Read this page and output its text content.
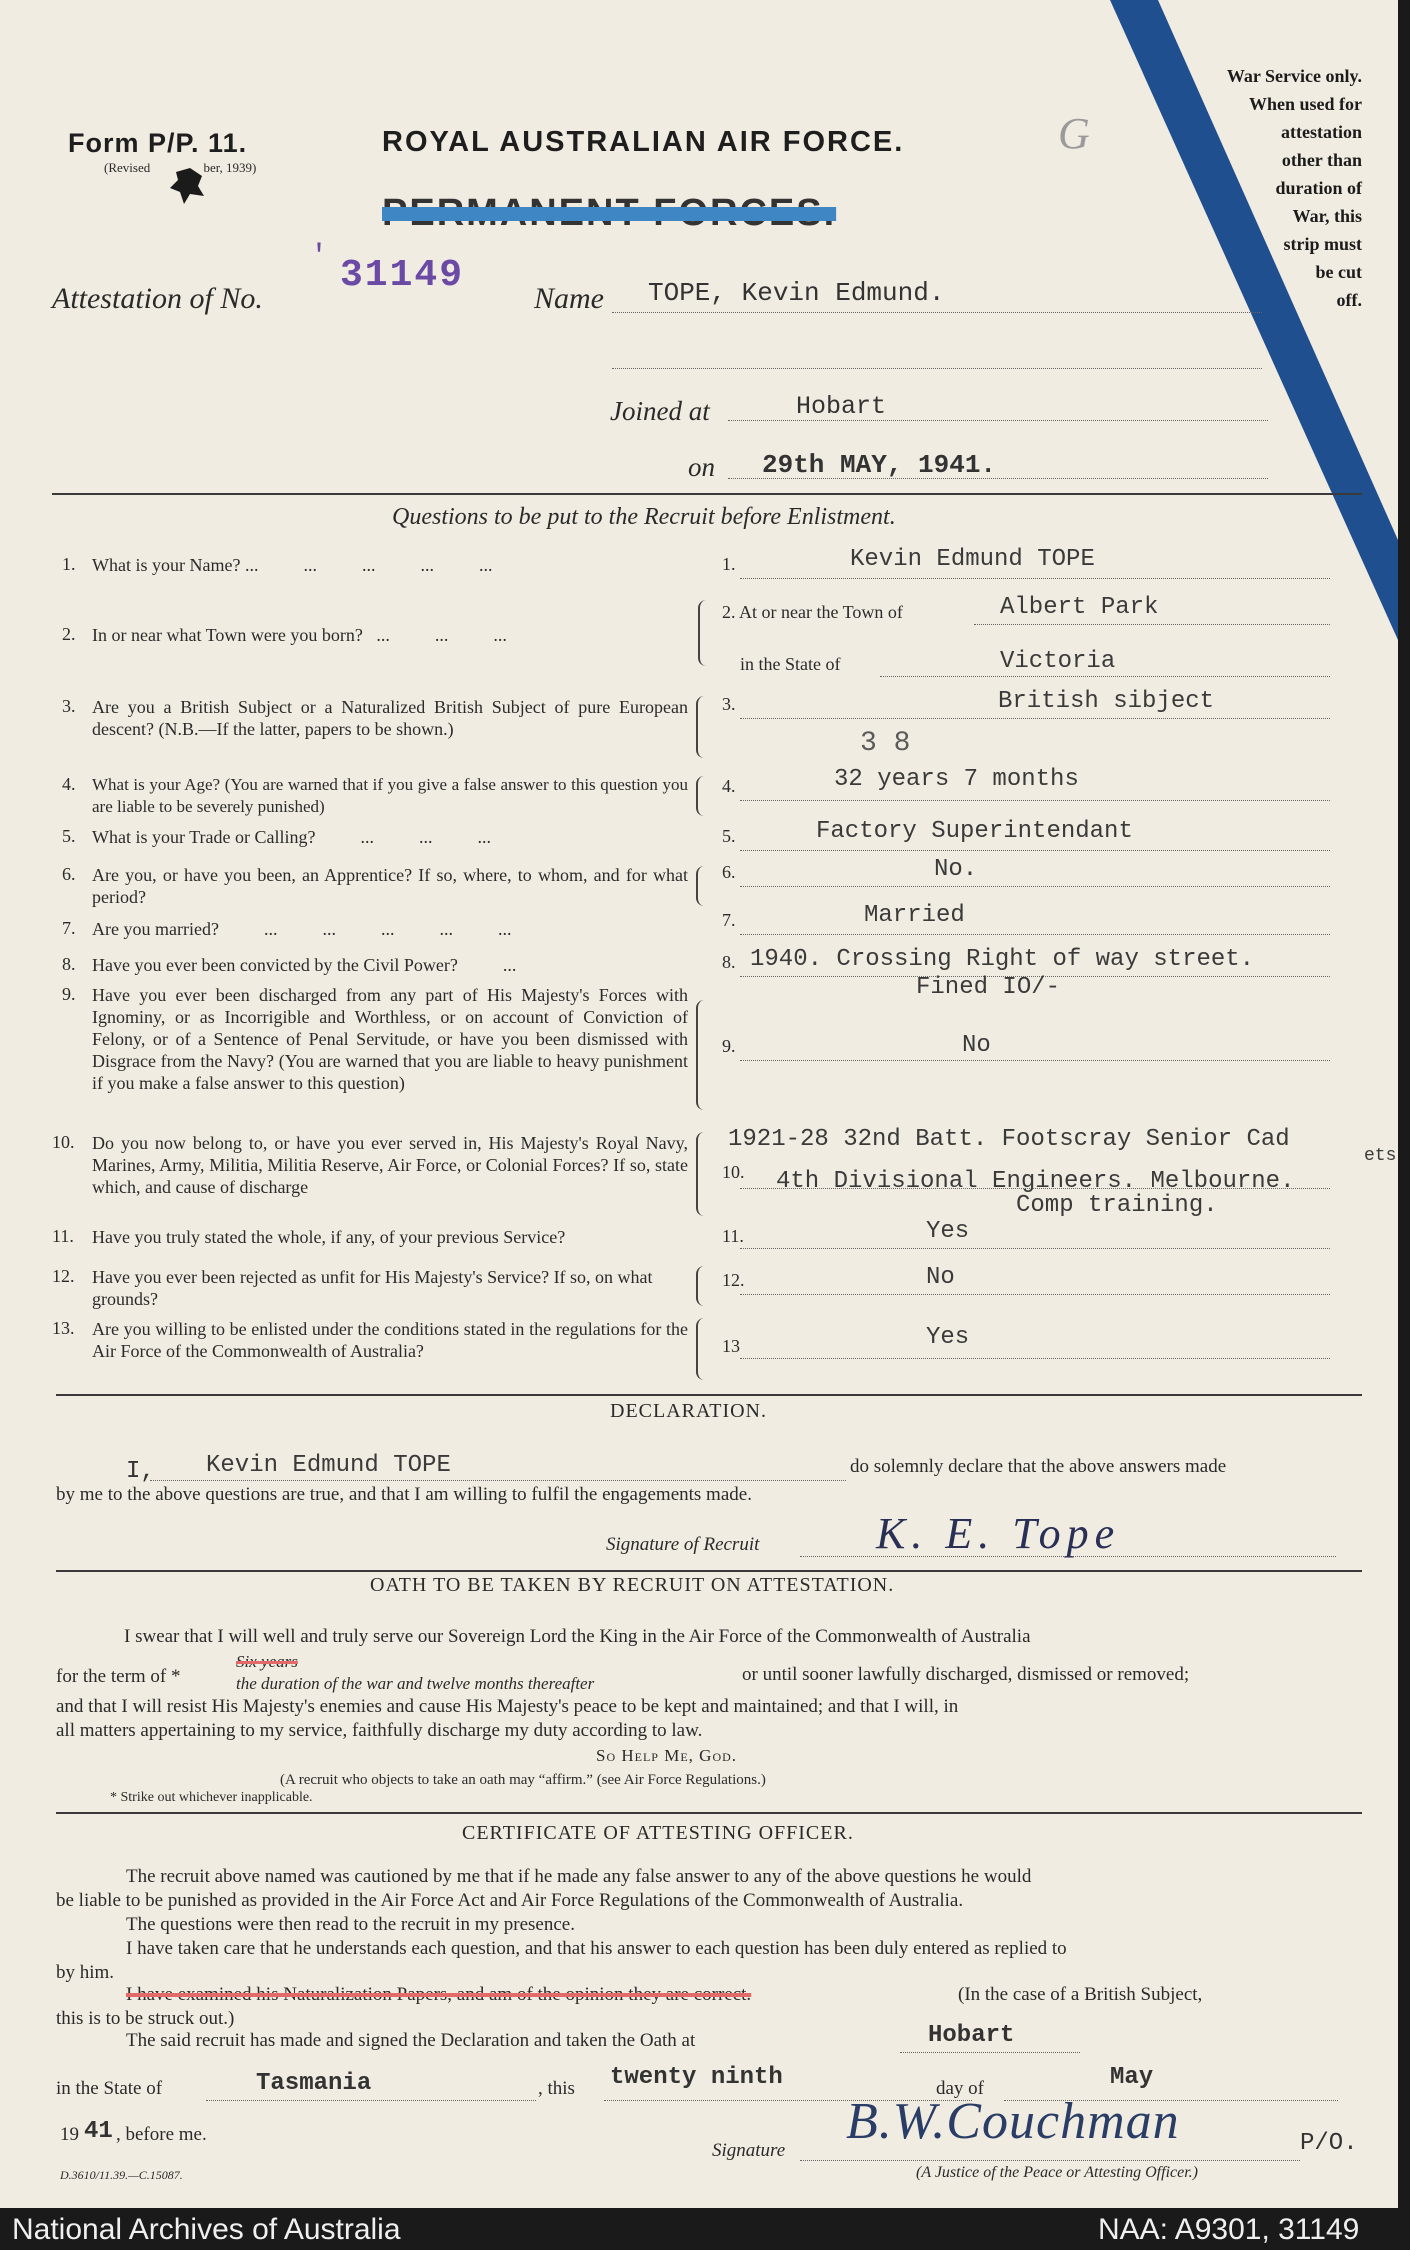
Form P/P. 11.
(Revised	ber, 1939)
ROYAL AUSTRALIAN AIR FORCE.
PERMANENT FORCES.
G
War Service only.
When used for
attestation
other than
duration of
War, this
strip must
be cut
off.
Attestation of No.
' 31149
Name TOPE, Kevin Edmund.
Joined at	Hobart
on 29th MAY, 1941.
Questions to be put to the Recruit before Enlistment.
1. What is your Name? ...          ...          ...          ...          ...	1.	Kevin Edmund TOPE
2. In or near what Town were you born?   ...          ...          ...
2. At or near the Town of	Albert Park
in the State of	Victoria
3. Are you a British Subject or a Naturalized British Subject of pure European descent? (N.B.—If the latter, papers to be shown.)
3.	British sibject
4. What is your Age? (You are warned that if you give a false answer to this question you are liable to be severely punished)
4.	32 years 7 months
3 8
5. What is your Trade or Calling?          ...          ...          ...	5.	Factory Superintendant
6. Are you, or have you been, an Apprentice? If so, where, to whom, and for what period?
6.	No.
7. Are you married?          ...          ...          ...          ...          ...	7.	Married
8. Have you ever been convicted by the Civil Power?          ...	8. 1940. Crossing Right of way street.
Fined IO/-
9. Have you ever been discharged from any part of His Majesty's Forces with Ignominy, or as Incorrigible and Worthless, or on account of Conviction of Felony, or of a Sentence of Penal Servitude, or have you been dismissed with Disgrace from the Navy? (You are warned that you are liable to heavy punishment if you make a false answer to this question)
9.	No
10. Do you now belong to, or have you ever served in, His Majesty's Royal Navy, Marines, Army, Militia, Militia Reserve, Air Force, or Colonial Forces? If so, state which, and cause of discharge
10.
1921-28 32nd Batt. Footscray Senior Cad
ets
4th Divisional Engineers. Melbourne.
Comp training.
11. Have you truly stated the whole, if any, of your previous Service?	11.	Yes
12. Have you ever been rejected as unfit for His Majesty's Service? If so, on what grounds?
12.	No
13. Are you willing to be enlisted under the conditions stated in the regulations for the Air Force of the Commonwealth of Australia?	13	Yes
DECLARATION.
I, Kevin Edmund TOPE	do solemnly declare that the above answers made
by me to the above questions are true, and that I am willing to fulfil the engagements made.
Signature of Recruit	K. E. Tope
OATH TO BE TAKEN BY RECRUIT ON ATTESTATION.
I swear that I will well and truly serve our Sovereign Lord the King in the Air Force of the Commonwealth of Australia
for the term of *
Six years
the duration of the war and twelve months thereafter	or until sooner lawfully discharged, dismissed or removed;
and that I will resist His Majesty's enemies and cause His Majesty's peace to be kept and maintained; and that I will, in
all matters appertaining to my service, faithfully discharge my duty according to law.
So Help Me, God.
(A recruit who objects to take an oath may “affirm.” (see Air Force Regulations.)
* Strike out whichever inapplicable.
CERTIFICATE OF ATTESTING OFFICER.
The recruit above named was cautioned by me that if he made any false answer to any of the above questions he would
be liable to be punished as provided in the Air Force Act and Air Force Regulations of the Commonwealth of Australia.
The questions were then read to the recruit in my presence.
I have taken care that he understands each question, and that his answer to each question has been duly entered as replied to
by him.
I have examined his Naturalization Papers, and am of the opinion they are correct.	(In the case of a British Subject,
this is to be struck out.)
The said recruit has made and signed the Declaration and taken the Oath at	Hobart
in the State of	Tasmania	, this twenty ninth	day of	May
19 41 , before me.
Signature
B.W.Couchman	P/O.
(A Justice of the Peace or Attesting Officer.)
D.3610/11.39.—C.15087.
National Archives of Australia	NAA: A9301, 31149
